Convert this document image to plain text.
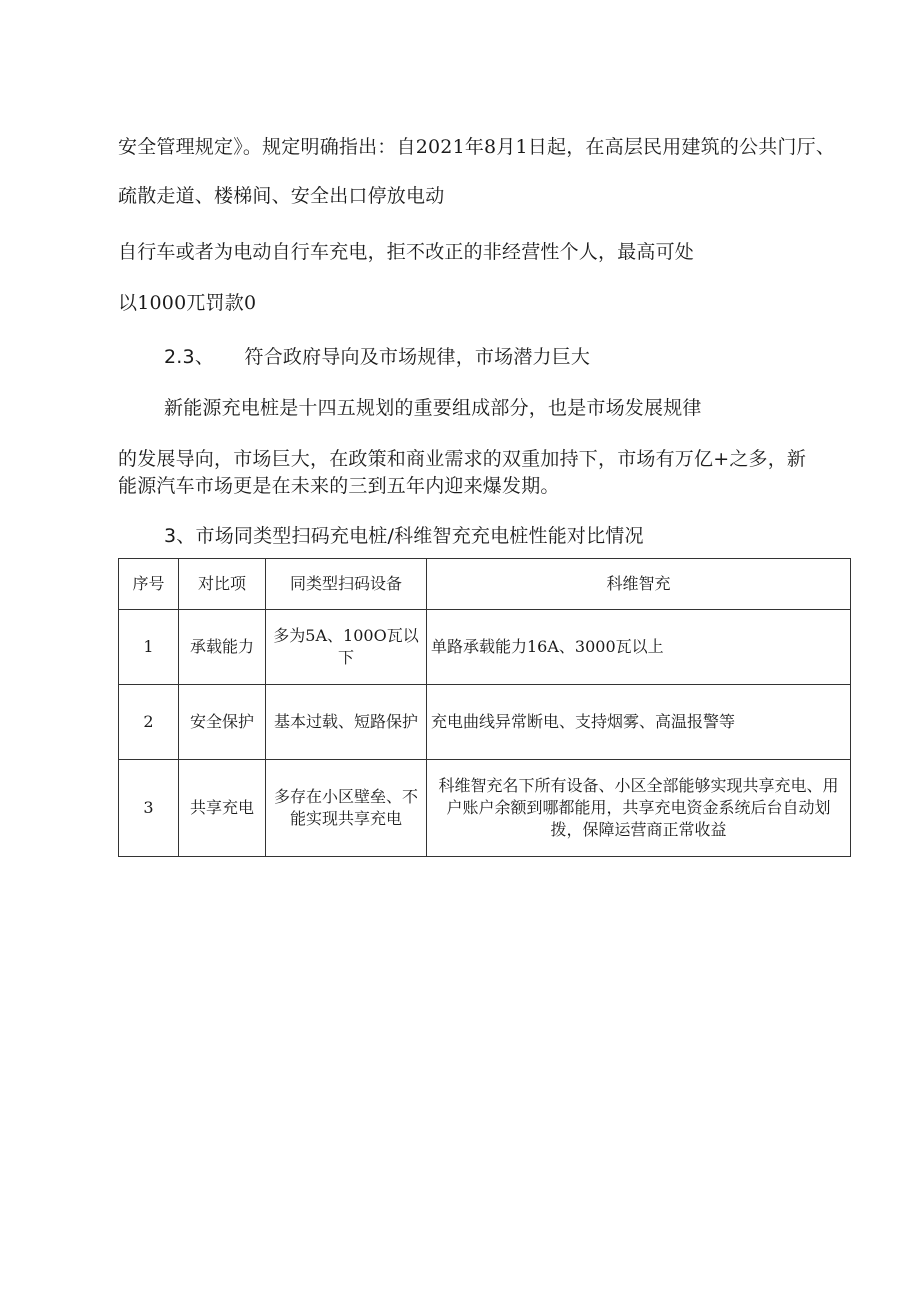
安全管理规定》。规定明确指出：自2021年8月1日起，在高层民用建筑的公共门厅、
疏散走道、楼梯间、安全出口停放电动
自行车或者为电动自行车充电，拒不改正的非经营性个人，最高可处
以1000兀罚款0
2.3、 符合政府导向及市场规律，市场潜力巨大
新能源充电桩是十四五规划的重要组成部分，也是市场发展规律
的发展导向，市场巨大，在政策和商业需求的双重加持下，市场有万亿+之多，新
能源汽车市场更是在未来的三到五年内迎来爆发期。
3、市场同类型扫码充电桩/科维智充充电桩性能对比情况
序号	对比项	同类型扫码设备	科维智充
1	承载能力	多为5A、100O瓦以下	单路承载能力16A、3000瓦以上
2	安全保护	基本过载、短路保护	充电曲线异常断电、支持烟雾、高温报警等
3	共享充电	多存在小区壁垒、不能实现共享充电	科维智充名下所有设备、小区全部能够实现共享充电、用户账户余额到哪都能用，共享充电资金系统后台自动划拨，保障运营商正常收益
